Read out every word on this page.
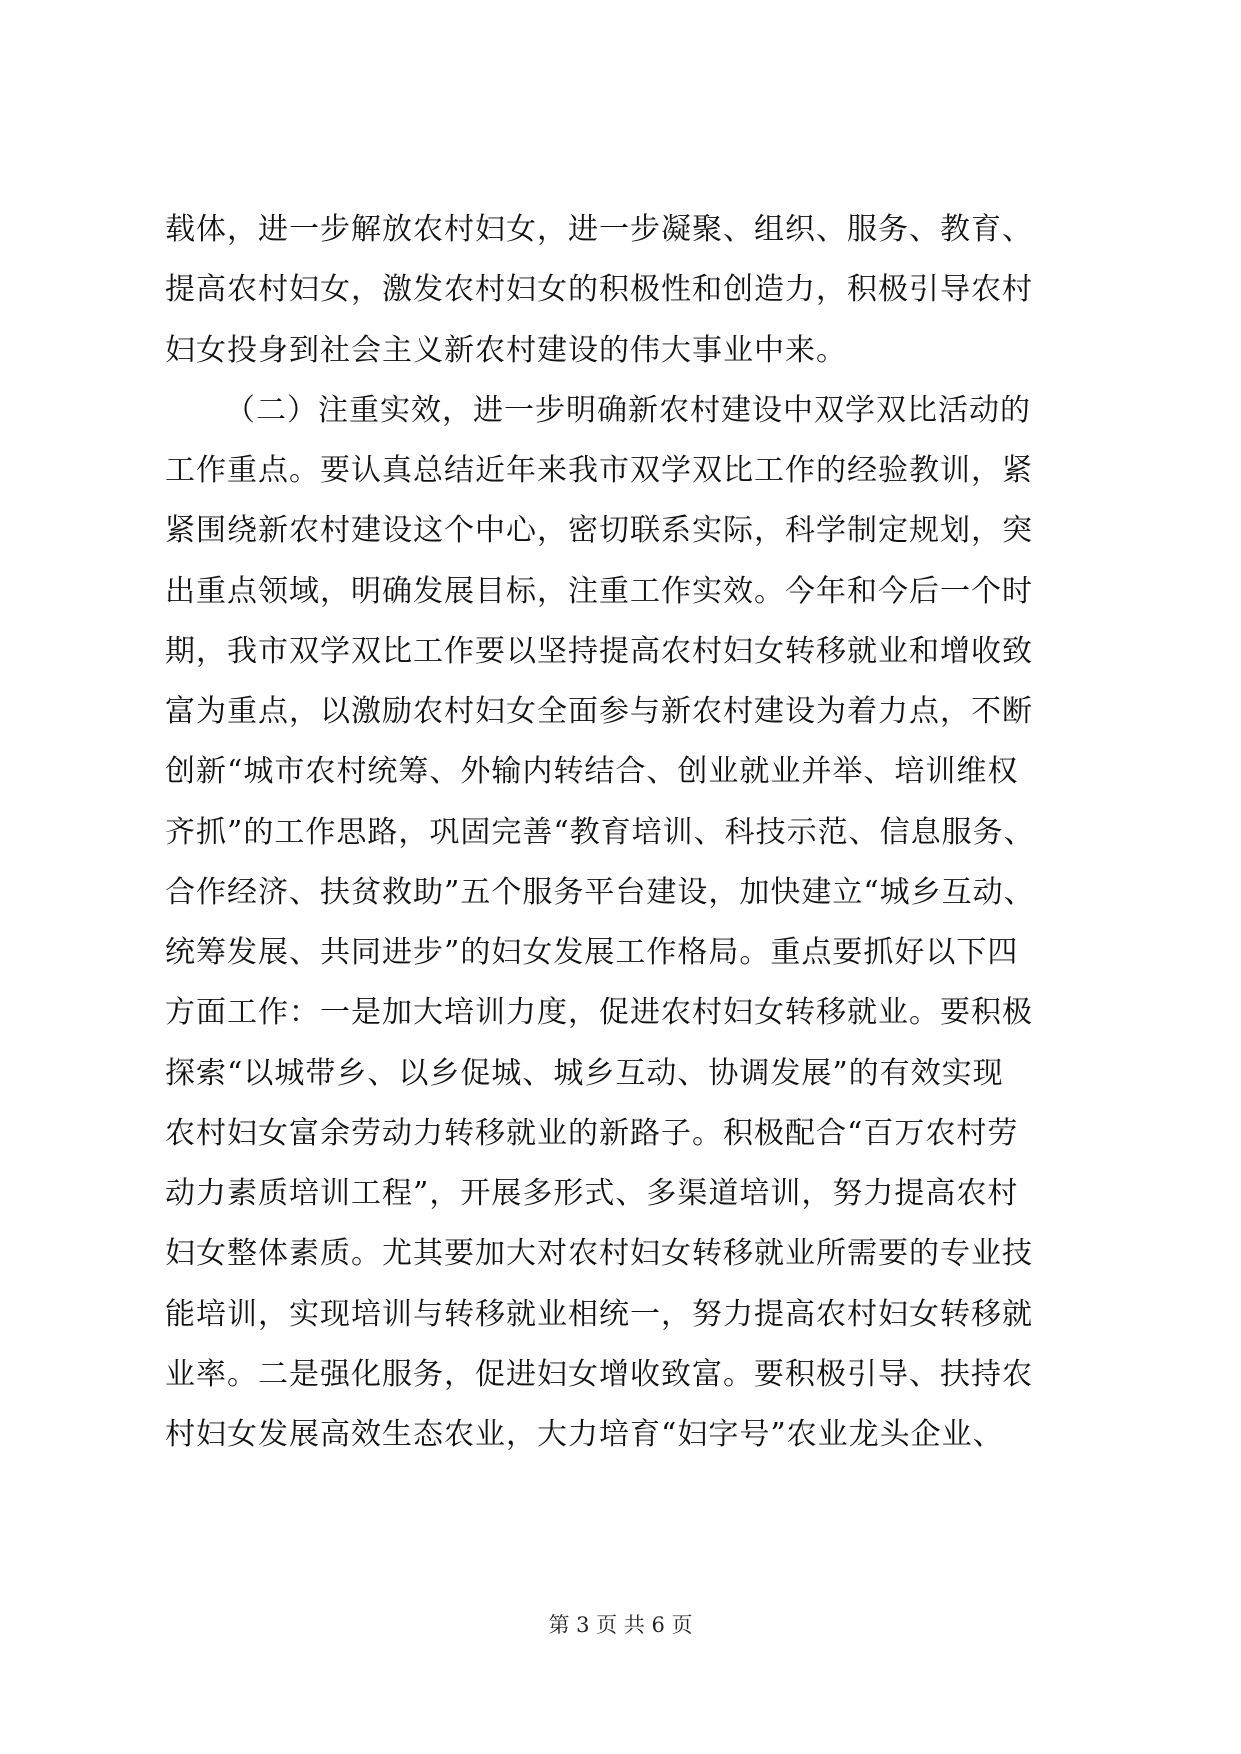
载体，进一步解放农村妇女，进一步凝聚、组织、服务、教育、
提高农村妇女，激发农村妇女的积极性和创造力，积极引导农村
妇女投身到社会主义新农村建设的伟大事业中来。
（二）注重实效，进一步明确新农村建设中双学双比活动的
工作重点。要认真总结近年来我市双学双比工作的经验教训，紧
紧围绕新农村建设这个中心，密切联系实际，科学制定规划，突
出重点领域，明确发展目标，注重工作实效。今年和今后一个时
期，我市双学双比工作要以坚持提高农村妇女转移就业和增收致
富为重点，以激励农村妇女全面参与新农村建设为着力点，不断
创新“城市农村统筹、外输内转结合、创业就业并举、培训维权
齐抓”的工作思路，巩固完善“教育培训、科技示范、信息服务、
合作经济、扶贫救助”五个服务平台建设，加快建立“城乡互动、
统筹发展、共同进步”的妇女发展工作格局。重点要抓好以下四
方面工作：一是加大培训力度，促进农村妇女转移就业。要积极
探索“以城带乡、以乡促城、城乡互动、协调发展”的有效实现
农村妇女富余劳动力转移就业的新路子。积极配合“百万农村劳
动力素质培训工程”，开展多形式、多渠道培训，努力提高农村
妇女整体素质。尤其要加大对农村妇女转移就业所需要的专业技
能培训，实现培训与转移就业相统一，努力提高农村妇女转移就
业率。二是强化服务，促进妇女增收致富。要积极引导、扶持农
村妇女发展高效生态农业，大力培育“妇字号”农业龙头企业、
第 3 页 共 6 页
